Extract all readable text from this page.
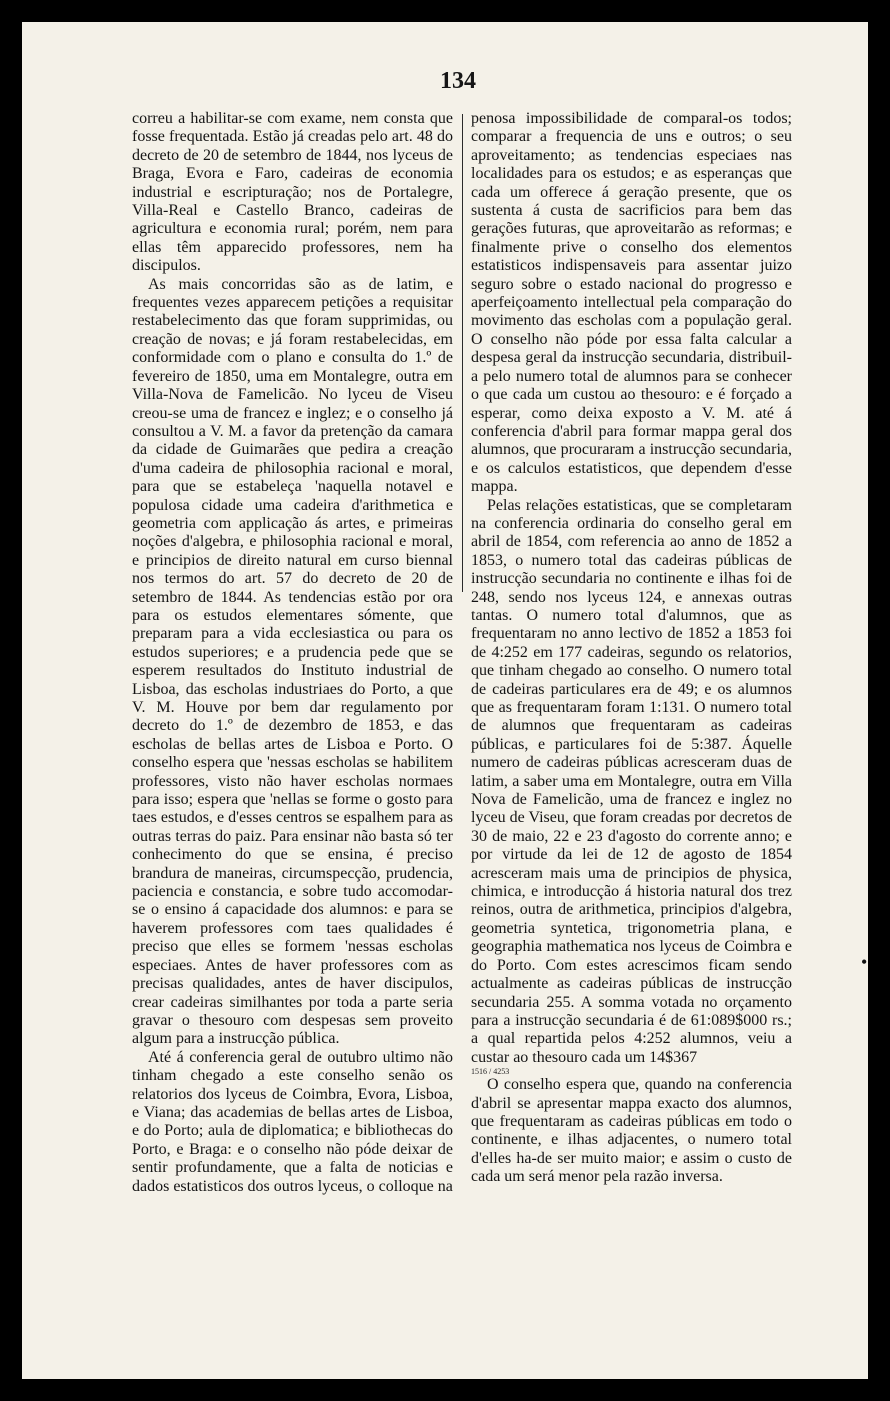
134

correu a habilitar-se com exame, nem consta que fosse frequentada. Estão já creadas pelo art. 48 do decreto de 20 de setembro de 1844, nos lyceus de Braga, Evora e Faro, cadeiras de economia industrial e escripturação; nos de Portalegre, Villa-Real e Castello Branco, cadeiras de agricultura e economia rural; porém, nem para ellas têm apparecido professores, nem ha discipulos.

As mais concorridas são as de latim, e frequentes vezes apparecem petições a requisitar restabelecimento das que foram supprimidas, ou creação de novas; e já foram restabelecidas, em conformidade com o plano e consulta do 1.º de fevereiro de 1850, uma em Montalegre, outra em Villa-Nova de Famelicão. No lyceu de Viseu creou-se uma de francez e inglez; e o conselho já consultou a V. M. a favor da pretenção da camara da cidade de Guimarães que pedira a creação d'uma cadeira de philosophia racional e moral, para que se estabeleça 'naquella notavel e populosa cidade uma cadeira d'arithmetica e geometria com applicação ás artes, e primeiras noções d'algebra, e philosophia racional e moral, e principios de direito natural em curso biennal nos termos do art. 57 do decreto de 20 de setembro de 1844. As tendencias estão por ora para os estudos elementares sómente, que preparam para a vida ecclesiastica ou para os estudos superiores; e a prudencia pede que se esperem resultados do Instituto industrial de Lisboa, das escholas industriaes do Porto, a que V. M. Houve por bem dar regulamento por decreto do 1.º de dezembro de 1853, e das escholas de bellas artes de Lisboa e Porto. O conselho espera que 'nessas escholas se habilitem professores, visto não haver escholas normaes para isso; espera que 'nellas se forme o gosto para taes estudos, e d'esses centros se espalhem para as outras terras do paiz. Para ensinar não basta só ter conhecimento do que se ensina, é preciso brandura de maneiras, circumspecção, prudencia, paciencia e constancia, e sobre tudo accomodar-se o ensino á capacidade dos alumnos: e para se haverem professores com taes qualidades é preciso que elles se formem 'nessas escholas especiaes. Antes de haver professores com as precisas qualidades, antes de haver discipulos, crear cadeiras similhantes por toda a parte seria gravar o thesouro com despesas sem proveito algum para a instrucção pública.

Até á conferencia geral de outubro ultimo não tinham chegado a este conselho senão os relatorios dos lyceus de Coimbra, Evora, Lisboa, e Viana; das academias de bellas artes de Lisboa, e do Porto; aula de diplomatica; e bibliothecas do Porto, e Braga: e o conselho não póde deixar de sentir profundamente, que a falta de noticias e dados estatisticos dos outros lyceus, o colloque na

penosa impossibilidade de comparal-os todos; comparar a frequencia de uns e outros; o seu aproveitamento; as tendencias especiaes nas localidades para os estudos; e as esperanças que cada um offerece á geração presente, que os sustenta á custa de sacrificios para bem das gerações futuras, que aproveitarão as reformas; e finalmente prive o conselho dos elementos estatisticos indispensaveis para assentar juizo seguro sobre o estado nacional do progresso e aperfeiçoamento intellectual pela comparação do movimento das escholas com a população geral. O conselho não póde por essa falta calcular a despesa geral da instrucção secundaria, distribuil-a pelo numero total de alumnos para se conhecer o que cada um custou ao thesouro: e é forçado a esperar, como deixa exposto a V. M. até á conferencia d'abril para formar mappa geral dos alumnos, que procuraram a instrucção secundaria, e os calculos estatisticos, que dependem d'esse mappa.

Pelas relações estatisticas, que se completaram na conferencia ordinaria do conselho geral em abril de 1854, com referencia ao anno de 1852 a 1853, o numero total das cadeiras públicas de instrucção secundaria no continente e ilhas foi de 248, sendo nos lyceus 124, e annexas outras tantas. O numero total d'alumnos, que as frequentaram no anno lectivo de 1852 a 1853 foi de 4:252 em 177 cadeiras, segundo os relatorios, que tinham chegado ao conselho. O numero total de cadeiras particulares era de 49; e os alumnos que as frequentaram foram 1:131. O numero total de alumnos que frequentaram as cadeiras públicas, e particulares foi de 5:387. Áquelle numero de cadeiras públicas acresceram duas de latim, a saber uma em Montalegre, outra em Villa Nova de Famelicão, uma de francez e inglez no lyceu de Viseu, que foram creadas por decretos de 30 de maio, 22 e 23 d'agosto do corrente anno; e por virtude da lei de 12 de agosto de 1854 acresceram mais uma de principios de physica, chimica, e introducção á historia natural dos trez reinos, outra de arithmetica, principios d'algebra, geometria syntetica, trigonometria plana, e geographia mathematica nos lyceus de Coimbra e do Porto. Com estes acrescimos ficam sendo actualmente as cadeiras públicas de instrucção secundaria 255. A somma votada no orçamento para a instrucção secundaria é de 61:089$000 rs.; a qual repartida pelos 4:252 alumnos, veiu a custar ao thesouro cada um 14$367

1516 / 4253

O conselho espera que, quando na conferencia d'abril se apresentar mappa exacto dos alumnos, que frequentaram as cadeiras públicas em todo o continente, e ilhas adjacentes, o numero total d'elles ha-de ser muito maior; e assim o custo de cada um será menor pela razão inversa.

•
